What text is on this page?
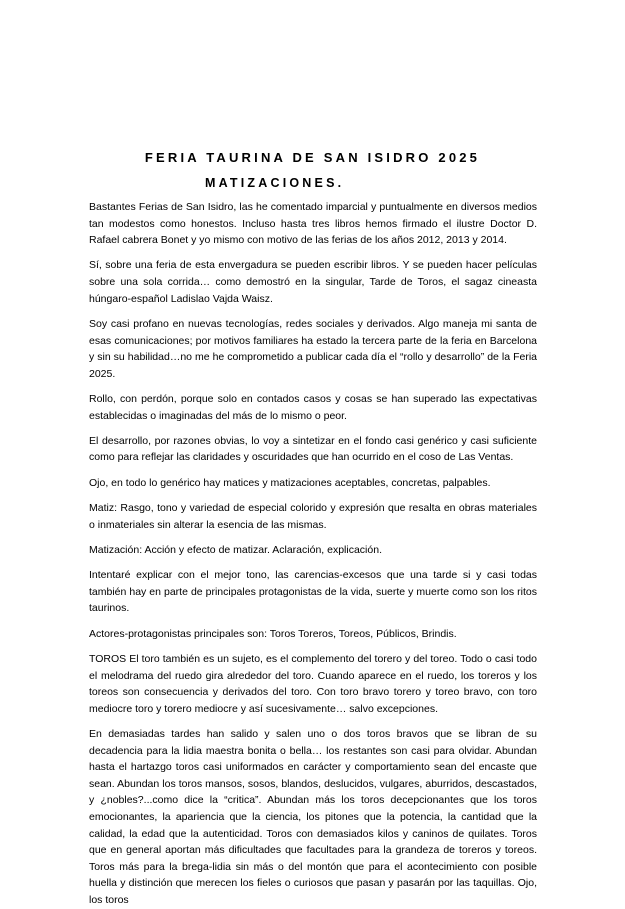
FERIA TAURINA DE SAN ISIDRO 2025
MATIZACIONES.

Bastantes Ferias de San Isidro, las he comentado imparcial y puntualmente en diversos medios tan modestos como honestos. Incluso hasta tres libros hemos firmado el ilustre Doctor D. Rafael cabrera Bonet y yo mismo con motivo de las ferias de los años 2012, 2013 y 2014.

Sí, sobre una feria de esta envergadura se pueden escribir libros. Y se pueden hacer películas sobre una sola corrida… como demostró en la singular, Tarde de Toros, el sagaz cineasta húngaro-español Ladislao Vajda Waisz.

Soy casi profano en nuevas tecnologías, redes sociales y derivados. Algo maneja mi santa de esas comunicaciones; por motivos familiares ha estado la tercera parte de la feria en Barcelona y sin su habilidad…no me he comprometido a publicar cada día el “rollo y desarrollo” de la Feria 2025.

Rollo, con perdón, porque solo en contados casos y cosas se han superado las expectativas establecidas o imaginadas del más de lo mismo o peor.

El desarrollo, por razones obvias, lo voy a sintetizar en el fondo casi genérico y casi suficiente como para reflejar las claridades y oscuridades que han ocurrido en el coso de Las Ventas.

Ojo, en todo lo genérico hay matices y matizaciones aceptables, concretas, palpables.

Matiz: Rasgo, tono y variedad de especial colorido y expresión que resalta en obras materiales o inmateriales sin alterar la esencia de las mismas.

Matización: Acción y efecto de matizar. Aclaración, explicación.

Intentaré explicar con el mejor tono, las carencias-excesos que una tarde si y casi todas también hay en parte de principales protagonistas de la vida, suerte y muerte como son los ritos taurinos.

Actores-protagonistas principales son: Toros Toreros, Toreos, Públicos, Brindis.

TOROS El toro también es un sujeto, es el complemento del torero y del toreo. Todo o casi todo el melodrama del ruedo gira alrededor del toro. Cuando aparece en el ruedo, los toreros y los toreos son consecuencia y derivados del toro. Con toro bravo torero y toreo bravo, con toro mediocre toro y torero mediocre y así sucesivamente… salvo excepciones.

En demasiadas tardes han salido y salen uno o dos toros bravos que se libran de su decadencia para la lidia maestra bonita o bella… los restantes son casi para olvidar. Abundan hasta el hartazgo toros casi uniformados en carácter y comportamiento sean del encaste que sean. Abundan los toros mansos, sosos, blandos, deslucidos, vulgares, aburridos, descastados, y ¿nobles?...como dice la “critica”. Abundan más los toros decepcionantes que los toros emocionantes, la apariencia que la ciencia, los pitones que la potencia, la cantidad que la calidad, la edad que la autenticidad. Toros con demasiados kilos y caninos de quilates. Toros que en general aportan más dificultades que facultades para la grandeza de toreros y toreos. Toros más para la brega-lidia sin más o del montón que para el acontecimiento con posible huella y distinción que merecen los fieles o curiosos que pasan y pasarán por las taquillas. Ojo, los toros
